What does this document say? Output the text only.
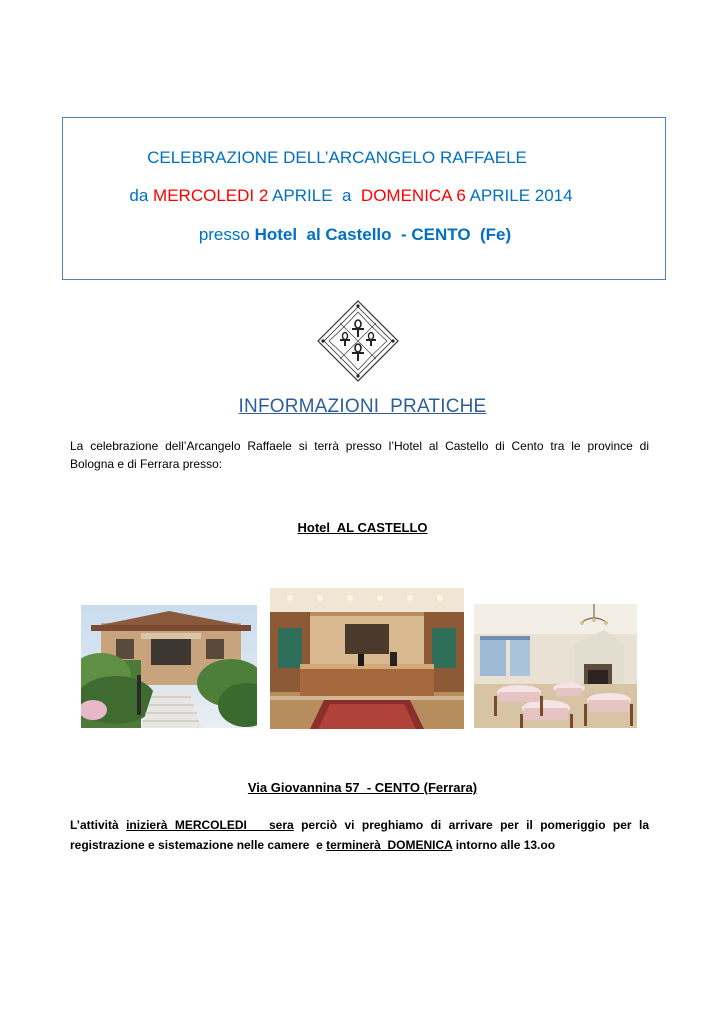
CELEBRAZIONE DELL’ARCANGELO RAFFAELE
da MERCOLEDI 2 APRILE  a  DOMENICA 6 APRILE 2014
presso Hotel  al Castello  - CENTO  (Fe)
INFORMAZIONI  PRATICHE
La celebrazione dell’Arcangelo Raffaele si terrà presso l’Hotel al Castello di Cento tra le province di
Bologna e di Ferrara presso:
Hotel  AL CASTELLO
Via Giovannina 57  - CENTO (Ferrara)
L’attività inizierà MERCOLEDI   sera perciò vi preghiamo di arrivare per il pomeriggio per la
registrazione e sistemazione nelle camere  e terminerà  DOMENICA intorno alle 13.oo
